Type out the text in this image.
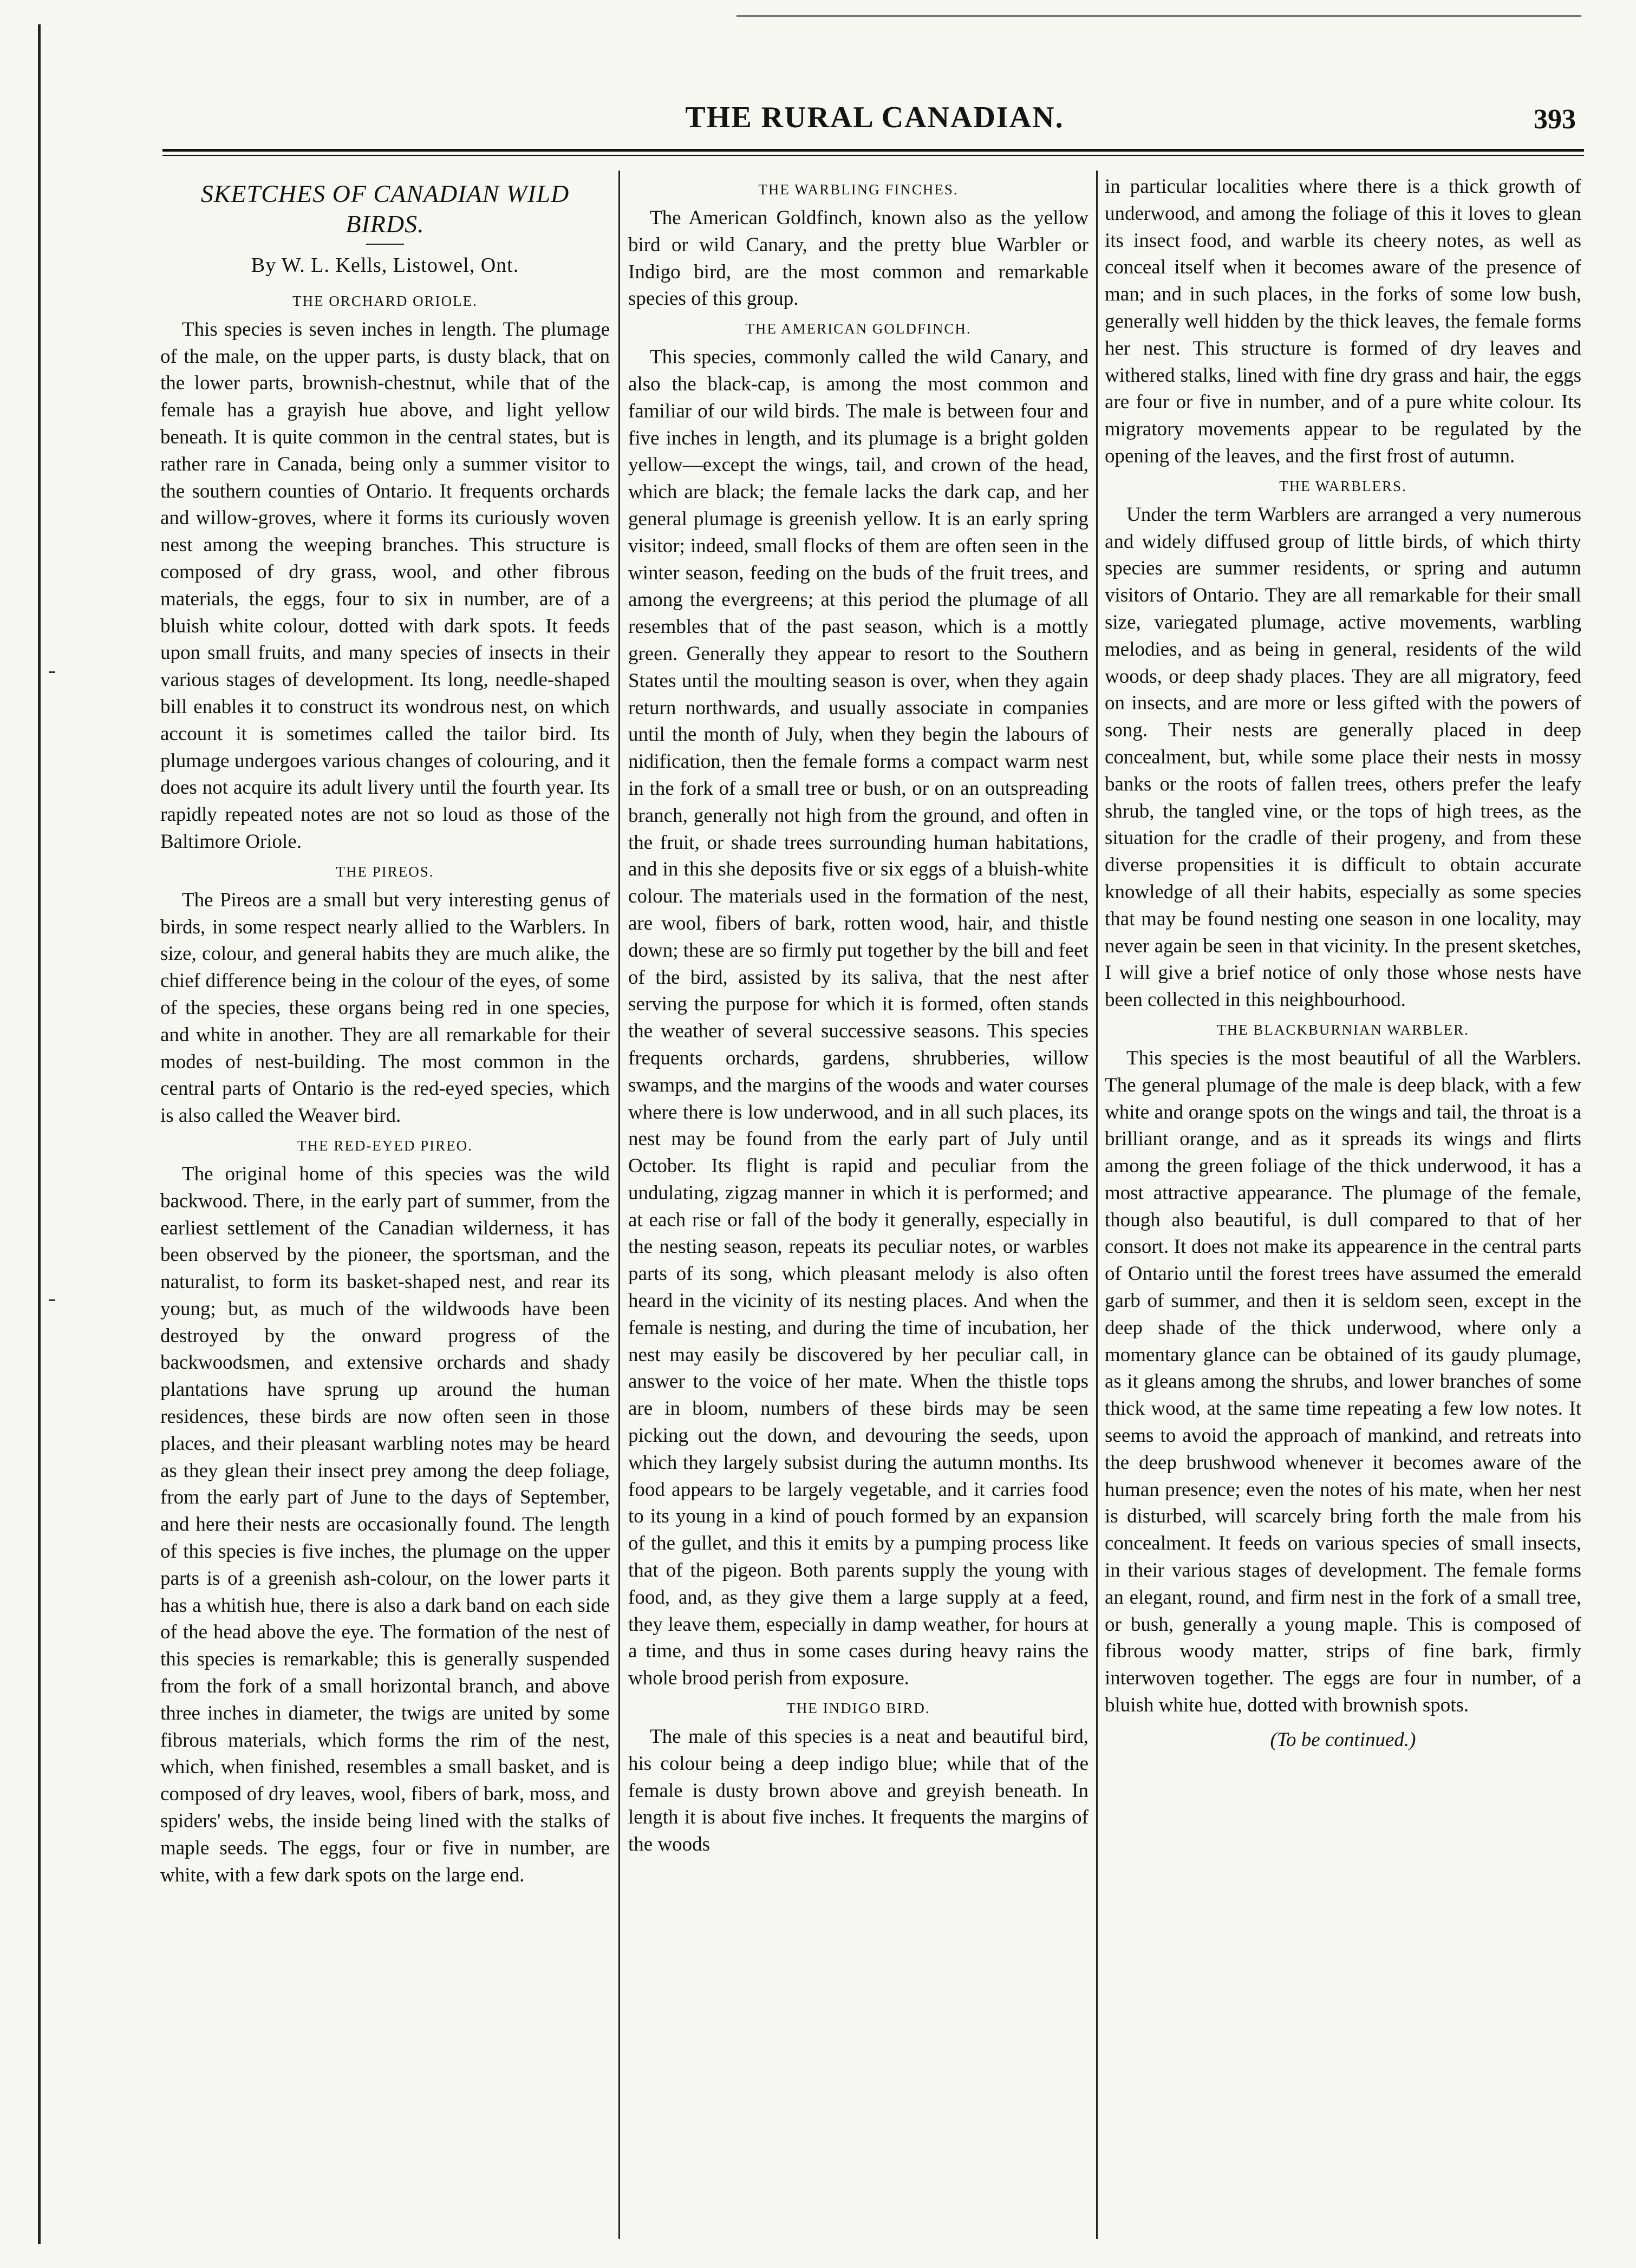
THE RURAL CANADIAN.	393
SKETCHES OF CANADIAN WILD BIRDS.
By W. L. Kells, Listowel, Ont.
THE ORCHARD ORIOLE.

This species is seven inches in length. The plumage of the male, on the upper parts, is dusty black, that on the lower parts, brownish-chestnut, while that of the female has a grayish hue above, and light yellow beneath. It is quite common in the central states, but is rather rare in Canada, being only a summer visitor to the southern counties of Ontario. It frequents orchards and willow-groves, where it forms its curiously woven nest among the weeping branches. This structure is composed of dry grass, wool, and other fibrous materials, the eggs, four to six in number, are of a bluish white colour, dotted with dark spots. It feeds upon small fruits, and many species of insects in their various stages of development. Its long, needle-shaped bill enables it to construct its wondrous nest, on which account it is sometimes called the tailor bird. Its plumage undergoes various changes of colouring, and it does not acquire its adult livery until the fourth year. Its rapidly repeated notes are not so loud as those of the Baltimore Oriole.

THE PIREOS.

The Pireos are a small but very interesting genus of birds, in some respect nearly allied to the Warblers. In size, colour, and general habits they are much alike, the chief difference being in the colour of the eyes, of some of the species, these organs being red in one species, and white in another. They are all remarkable for their modes of nest-building. The most common in the central parts of Ontario is the red-eyed species, which is also called the Weaver bird.

THE RED-EYED PIREO.

The original home of this species was the wild backwood. There, in the early part of summer, from the earliest settlement of the Canadian wilderness, it has been observed by the pioneer, the sportsman, and the naturalist, to form its basket-shaped nest, and rear its young; but, as much of the wildwoods have been destroyed by the onward progress of the backwoodsmen, and extensive orchards and shady plantations have sprung up around the human residences, these birds are now often seen in those places, and their pleasant warbling notes may be heard as they glean their insect prey among the deep foliage, from the early part of June to the days of September, and here their nests are occasionally found. The length of this species is five inches, the plumage on the upper parts is of a greenish ash-colour, on the lower parts it has a whitish hue, there is also a dark band on each side of the head above the eye. The formation of the nest of this species is remarkable; this is generally suspended from the fork of a small horizontal branch, and above three inches in diameter, the twigs are united by some fibrous materials, which forms the rim of the nest, which, when finished, resembles a small basket, and is composed of dry leaves, wool, fibers of bark, moss, and spiders' webs, the inside being lined with the stalks of maple seeds. The eggs, four or five in number, are white, with a few dark spots on the large end.

THE WARBLING FINCHES.

The American Goldfinch, known also as the yellow bird or wild Canary, and the pretty blue Warbler or Indigo bird, are the most common and remarkable species of this group.

THE AMERICAN GOLDFINCH.

This species, commonly called the wild Canary, and also the black-cap, is among the most common and familiar of our wild birds. The male is between four and five inches in length, and its plumage is a bright golden yellow—except the wings, tail, and crown of the head, which are black; the female lacks the dark cap, and her general plumage is greenish yellow. It is an early spring visitor; indeed, small flocks of them are often seen in the winter season, feeding on the buds of the fruit trees, and among the evergreens; at this period the plumage of all resembles that of the past season, which is a mottly green. Generally they appear to resort to the Southern States until the moulting season is over, when they again return northwards, and usually associate in companies until the month of July, when they begin the labours of nidification, then the female forms a compact warm nest in the fork of a small tree or bush, or on an outspreading branch, generally not high from the ground, and often in the fruit, or shade trees surrounding human habitations, and in this she deposits five or six eggs of a bluish-white colour. The materials used in the formation of the nest, are wool, fibers of bark, rotten wood, hair, and thistle down; these are so firmly put together by the bill and feet of the bird, assisted by its saliva, that the nest after serving the purpose for which it is formed, often stands the weather of several successive seasons. This species frequents orchards, gardens, shrubberies, willow swamps, and the margins of the woods and water courses where there is low underwood, and in all such places, its nest may be found from the early part of July until October. Its flight is rapid and peculiar from the undulating, zigzag manner in which it is performed; and at each rise or fall of the body it generally, especially in the nesting season, repeats its peculiar notes, or warbles parts of its song, which pleasant melody is also often heard in the vicinity of its nesting places. And when the female is nesting, and during the time of incubation, her nest may easily be discovered by her peculiar call, in answer to the voice of her mate. When the thistle tops are in bloom, numbers of these birds may be seen picking out the down, and devouring the seeds, upon which they largely subsist during the autumn months. Its food appears to be largely vegetable, and it carries food to its young in a kind of pouch formed by an expansion of the gullet, and this it emits by a pumping process like that of the pigeon. Both parents supply the young with food, and, as they give them a large supply at a feed, they leave them, especially in damp weather, for hours at a time, and thus in some cases during heavy rains the whole brood perish from exposure.

THE INDIGO BIRD.

The male of this species is a neat and beautiful bird, his colour being a deep indigo blue; while that of the female is dusty brown above and greyish beneath. In length it is about five inches. It frequents the margins of the woods

in particular localities where there is a thick growth of underwood, and among the foliage of this it loves to glean its insect food, and warble its cheery notes, as well as conceal itself when it becomes aware of the presence of man; and in such places, in the forks of some low bush, generally well hidden by the thick leaves, the female forms her nest. This structure is formed of dry leaves and withered stalks, lined with fine dry grass and hair, the eggs are four or five in number, and of a pure white colour. Its migratory movements appear to be regulated by the opening of the leaves, and the first frost of autumn.

THE WARBLERS.

Under the term Warblers are arranged a very numerous and widely diffused group of little birds, of which thirty species are summer residents, or spring and autumn visitors of Ontario. They are all remarkable for their small size, variegated plumage, active movements, warbling melodies, and as being in general, residents of the wild woods, or deep shady places. They are all migratory, feed on insects, and are more or less gifted with the powers of song. Their nests are generally placed in deep concealment, but, while some place their nests in mossy banks or the roots of fallen trees, others prefer the leafy shrub, the tangled vine, or the tops of high trees, as the situation for the cradle of their progeny, and from these diverse propensities it is difficult to obtain accurate knowledge of all their habits, especially as some species that may be found nesting one season in one locality, may never again be seen in that vicinity. In the present sketches, I will give a brief notice of only those whose nests have been collected in this neighbourhood.

THE BLACKBURNIAN WARBLER.

This species is the most beautiful of all the Warblers. The general plumage of the male is deep black, with a few white and orange spots on the wings and tail, the throat is a brilliant orange, and as it spreads its wings and flirts among the green foliage of the thick underwood, it has a most attractive appearance. The plumage of the female, though also beautiful, is dull compared to that of her consort. It does not make its appearence in the central parts of Ontario until the forest trees have assumed the emerald garb of summer, and then it is seldom seen, except in the deep shade of the thick underwood, where only a momentary glance can be obtained of its gaudy plumage, as it gleans among the shrubs, and lower branches of some thick wood, at the same time repeating a few low notes. It seems to avoid the approach of mankind, and retreats into the deep brushwood whenever it becomes aware of the human presence; even the notes of his mate, when her nest is disturbed, will scarcely bring forth the male from his concealment. It feeds on various species of small insects, in their various stages of development. The female forms an elegant, round, and firm nest in the fork of a small tree, or bush, generally a young maple. This is composed of fibrous woody matter, strips of fine bark, firmly interwoven together. The eggs are four in number, of a bluish white hue, dotted with brownish spots.

(To be continued.)
